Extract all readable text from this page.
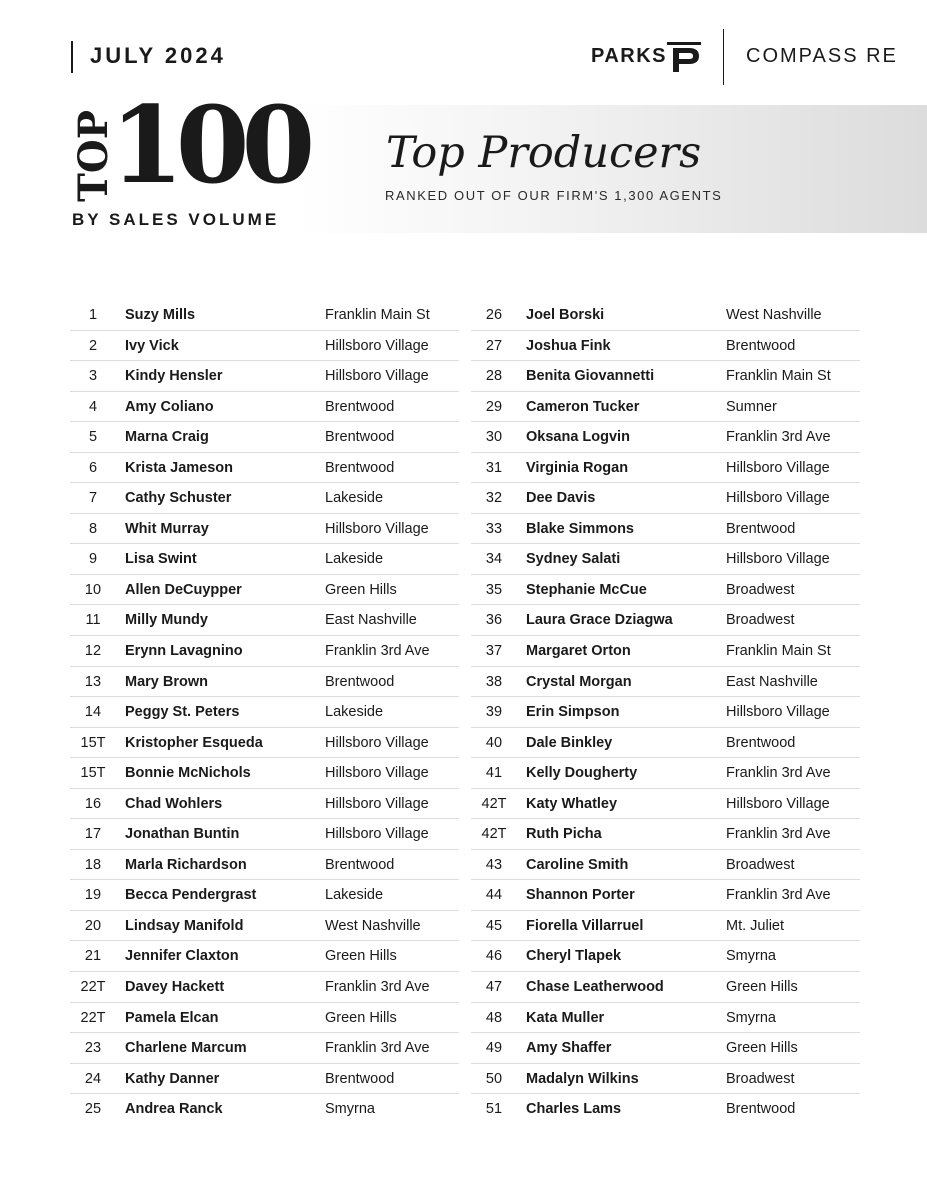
JULY 2024	PARKS	COMPASS RE
TOP
100
BY SALES VOLUME
Top Producers
RANKED OUT OF OUR FIRM'S 1,300 AGENTS
1	Suzy Mills	Franklin Main St
2	Ivy Vick	Hillsboro Village
3	Kindy Hensler	Hillsboro Village
4	Amy Coliano	Brentwood
5	Marna Craig	Brentwood
6	Krista Jameson	Brentwood
7	Cathy Schuster	Lakeside
8	Whit Murray	Hillsboro Village
9	Lisa Swint	Lakeside
10	Allen DeCuypper	Green Hills
11	Milly Mundy	East Nashville
12	Erynn Lavagnino	Franklin 3rd Ave
13	Mary Brown	Brentwood
14	Peggy St. Peters	Lakeside
15T	Kristopher Esqueda	Hillsboro Village
15T	Bonnie McNichols	Hillsboro Village
16	Chad Wohlers	Hillsboro Village
17	Jonathan Buntin	Hillsboro Village
18	Marla Richardson	Brentwood
19	Becca Pendergrast	Lakeside
20	Lindsay Manifold	West Nashville
21	Jennifer Claxton	Green Hills
22T	Davey Hackett	Franklin 3rd Ave
22T	Pamela Elcan	Green Hills
23	Charlene Marcum	Franklin 3rd Ave
24	Kathy Danner	Brentwood
25	Andrea Ranck	Smyrna
26	Joel Borski	West Nashville
27	Joshua Fink	Brentwood
28	Benita Giovannetti	Franklin Main St
29	Cameron Tucker	Sumner
30	Oksana Logvin	Franklin 3rd Ave
31	Virginia Rogan	Hillsboro Village
32	Dee Davis	Hillsboro Village
33	Blake Simmons	Brentwood
34	Sydney Salati	Hillsboro Village
35	Stephanie McCue	Broadwest
36	Laura Grace Dziagwa	Broadwest
37	Margaret Orton	Franklin Main St
38	Crystal Morgan	East Nashville
39	Erin Simpson	Hillsboro Village
40	Dale Binkley	Brentwood
41	Kelly Dougherty	Franklin 3rd Ave
42T	Katy Whatley	Hillsboro Village
42T	Ruth Picha	Franklin 3rd Ave
43	Caroline Smith	Broadwest
44	Shannon Porter	Franklin 3rd Ave
45	Fiorella Villarruel	Mt. Juliet
46	Cheryl Tlapek	Smyrna
47	Chase Leatherwood	Green Hills
48	Kata Muller	Smyrna
49	Amy Shaffer	Green Hills
50	Madalyn Wilkins	Broadwest
51	Charles Lams	Brentwood
